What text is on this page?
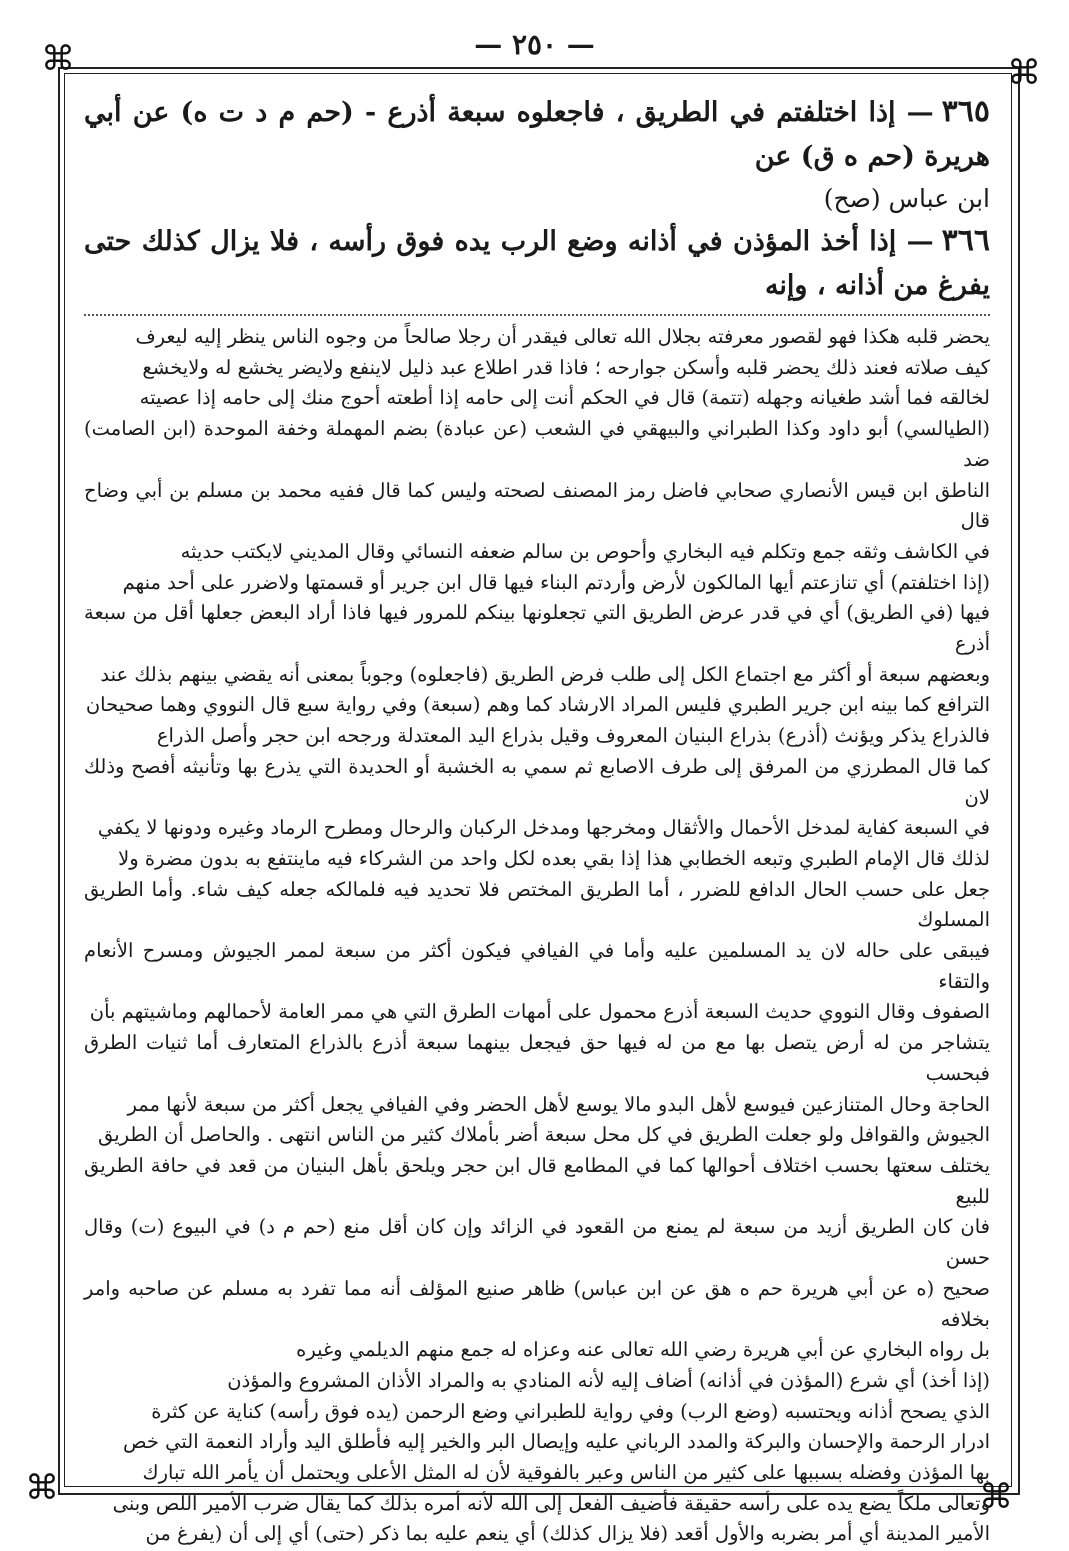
— ٢٥٠ —
⌘	⌘
⌘	⌘

٣٦٥— إذا اختلفتم في الطريق ، فاجعلوه سبعة أذرع - (حم م د ت ه) عن أبي هريرة (حم ه ق) عن

ابن عباس (صح)

٣٦٦— إذا أخذ المؤذن في أذانه وضع الرب يده فوق رأسه ، فلا يزال كذلك حتى يفرغ من أذانه ، وإنه

يحضر قلبه هكذا فهو لقصور معرفته بجلال الله تعالى فيقدر أن رجلا صالحاً من وجوه الناس ينظر إليه ليعرف

كيف صلاته فعند ذلك يحضر قلبه وأسكن جوارحه ؛ فاذا قدر اطلاع عبد ذليل لاينفع ولايضر يخشع له ولايخشع

لخالقه فما أشد طغيانه وجهله (تتمة) قال في الحكم أنت إلى حامه إذا أطعته أحوج منك إلى حامه إذا عصيته

(الطيالسي) أبو داود وكذا الطبراني والبيهقي في الشعب (عن عبادة) بضم المهملة وخفة الموحدة (ابن الصامت) ضد

الناطق ابن قيس الأنصاري صحابي فاضل رمز المصنف لصحته وليس كما قال ففيه محمد بن مسلم بن أبي وضاح قال

في الكاشف وثقه جمع وتكلم فيه البخاري وأحوص بن سالم ضعفه النسائي وقال المديني لايكتب حديثه

(إذا اختلفتم) أي تنازعتم أيها المالكون لأرض وأردتم البناء فيها قال ابن جرير أو قسمتها ولاضرر على أحد منهم

فيها (في الطريق) أي في قدر عرض الطريق التي تجعلونها بينكم للمرور فيها فاذا أراد البعض جعلها أقل من سبعة أذرع

وبعضهم سبعة أو أكثر مع اجتماع الكل إلى طلب فرض الطريق (فاجعلوه) وجوباً بمعنى أنه يقضي بينهم بذلك عند

الترافع كما بينه ابن جرير الطبري فليس المراد الارشاد كما وهم (سبعة) وفي رواية سبع قال النووي وهما صحيحان

فالذراع يذكر ويؤنث (أذرع) بذراع البنيان المعروف وقيل بذراع اليد المعتدلة ورجحه ابن حجر وأصل الذراع

كما قال المطرزي من المرفق إلى طرف الاصابع ثم سمي به الخشبة أو الحديدة التي يذرع بها وتأنيثه أفصح وذلك لان

في السبعة كفاية لمدخل الأحمال والأثقال ومخرجها ومدخل الركبان والرحال ومطرح الرماد وغيره ودونها لا يكفي

لذلك قال الإمام الطبري وتبعه الخطابي هذا إذا بقي بعده لكل واحد من الشركاء فيه ماينتفع به بدون مضرة ولا

جعل على حسب الحال الدافع للضرر ، أما الطريق المختص فلا تحديد فيه فلمالكه جعله كيف شاء. وأما الطريق المسلوك

فيبقى على حاله لان يد المسلمين عليه وأما في الفيافي فيكون أكثر من سبعة لممر الجيوش ومسرح الأنعام والتقاء

الصفوف وقال النووي حديث السبعة أذرع محمول على أمهات الطرق التي هي ممر العامة لأحمالهم وماشيتهم بأن

يتشاجر من له أرض يتصل بها مع من له فيها حق فيجعل بينهما سبعة أذرع بالذراع المتعارف أما ثنيات الطرق فبحسب

الحاجة وحال المتنازعين فيوسع لأهل البدو مالا يوسع لأهل الحضر وفي الفيافي يجعل أكثر من سبعة لأنها ممر

الجيوش والقوافل ولو جعلت الطريق في كل محل سبعة أضر بأملاك كثير من الناس انتهى . والحاصل أن الطريق

يختلف سعتها بحسب اختلاف أحوالها كما في المطامع قال ابن حجر ويلحق بأهل البنيان من قعد في حافة الطريق للبيع

فان كان الطريق أزيد من سبعة لم يمنع من القعود في الزائد وإن كان أقل منع (حم م د) في البيوع (ت) وقال حسن

صحيح (ه عن أبي هريرة حم ه هق عن ابن عباس) ظاهر صنيع المؤلف أنه مما تفرد به مسلم عن صاحبه وامر بخلافه

بل رواه البخاري عن أبي هريرة رضي الله تعالى عنه وعزاه له جمع منهم الديلمي وغيره

(إذا أخذ) أي شرع (المؤذن في أذانه) أضاف إليه لأنه المنادي به والمراد الأذان المشروع والمؤذن

الذي يصحح أذانه ويحتسبه (وضع الرب) وفي رواية للطبراني وضع الرحمن (يده فوق رأسه) كناية عن كثرة

ادرار الرحمة والإحسان والبركة والمدد الرباني عليه وإيصال البر والخير إليه فأطلق اليد وأراد النعمة التي خص

بها المؤذن وفضله بسببها على كثير من الناس وعبر بالفوقية لأن له المثل الأعلى ويحتمل أن يأمر الله تبارك

وتعالى ملكاً يضع يده على رأسه حقيقة فأضيف الفعل إلى الله لأنه أمره بذلك كما يقال ضرب الأمير اللص وبنى

الأمير المدينة أي أمر بضربه والأول أقعد (فلا يزال كذلك) أي ينعم عليه بما ذكر (حتى) أي إلى أن (يفرغ من
